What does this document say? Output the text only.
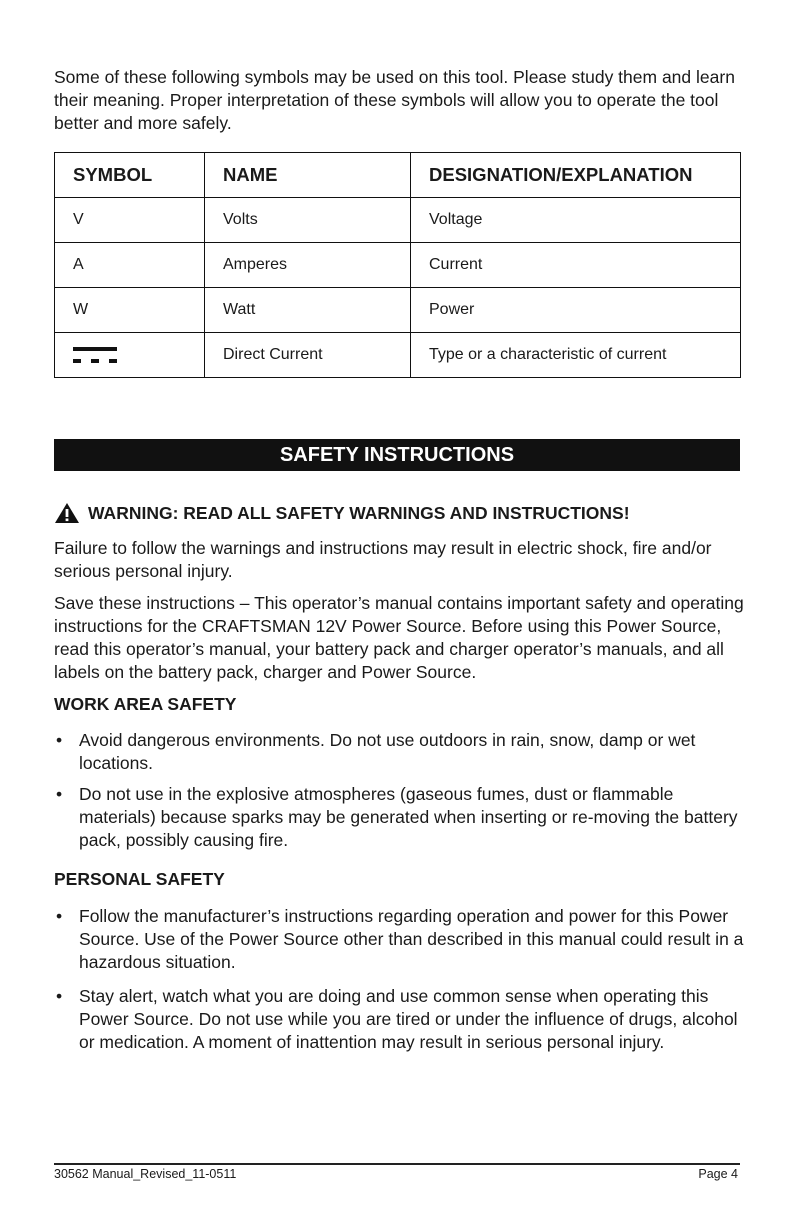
Some of these following symbols may be used on this tool. Please study them and learn their meaning. Proper interpretation of these symbols will allow you to operate the tool better and more safely.

SYMBOL	NAME	DESIGNATION/EXPLANATION
V	Volts	Voltage
A	Amperes	Current
W	Watt	Power

	Direct Current	Type or a characteristic of current
SAFETY INSTRUCTIONS
WARNING: READ ALL SAFETY WARNINGS AND INSTRUCTIONS!

Failure to follow the warnings and instructions may result in electric shock, fire and/or serious personal injury.

Save these instructions – This operator’s manual contains important safety and operating instructions for the CRAFTSMAN 12V Power Source. Before using this Power Source, read this operator’s manual, your battery pack and charger operator’s manuals, and all labels on the battery pack, charger and Power Source.

WORK AREA SAFETY
• Avoid dangerous environments. Do not use outdoors in rain, snow, damp or wet locations.
• Do not use in the explosive atmospheres (gaseous fumes, dust or flammable materials) because sparks may be generated when inserting or re-moving the battery pack, possibly causing fire.
PERSONAL SAFETY
• Follow the manufacturer’s instructions regarding operation and power for this Power Source. Use of the Power Source other than described in this manual could result in a hazardous situation.
• Stay alert, watch what you are doing and use common sense when operating this Power Source. Do not use while you are tired or under the influence of drugs, alcohol or medication. A moment of inattention may result in serious personal injury.
30562 Manual_Revised_11-0511	Page 4
